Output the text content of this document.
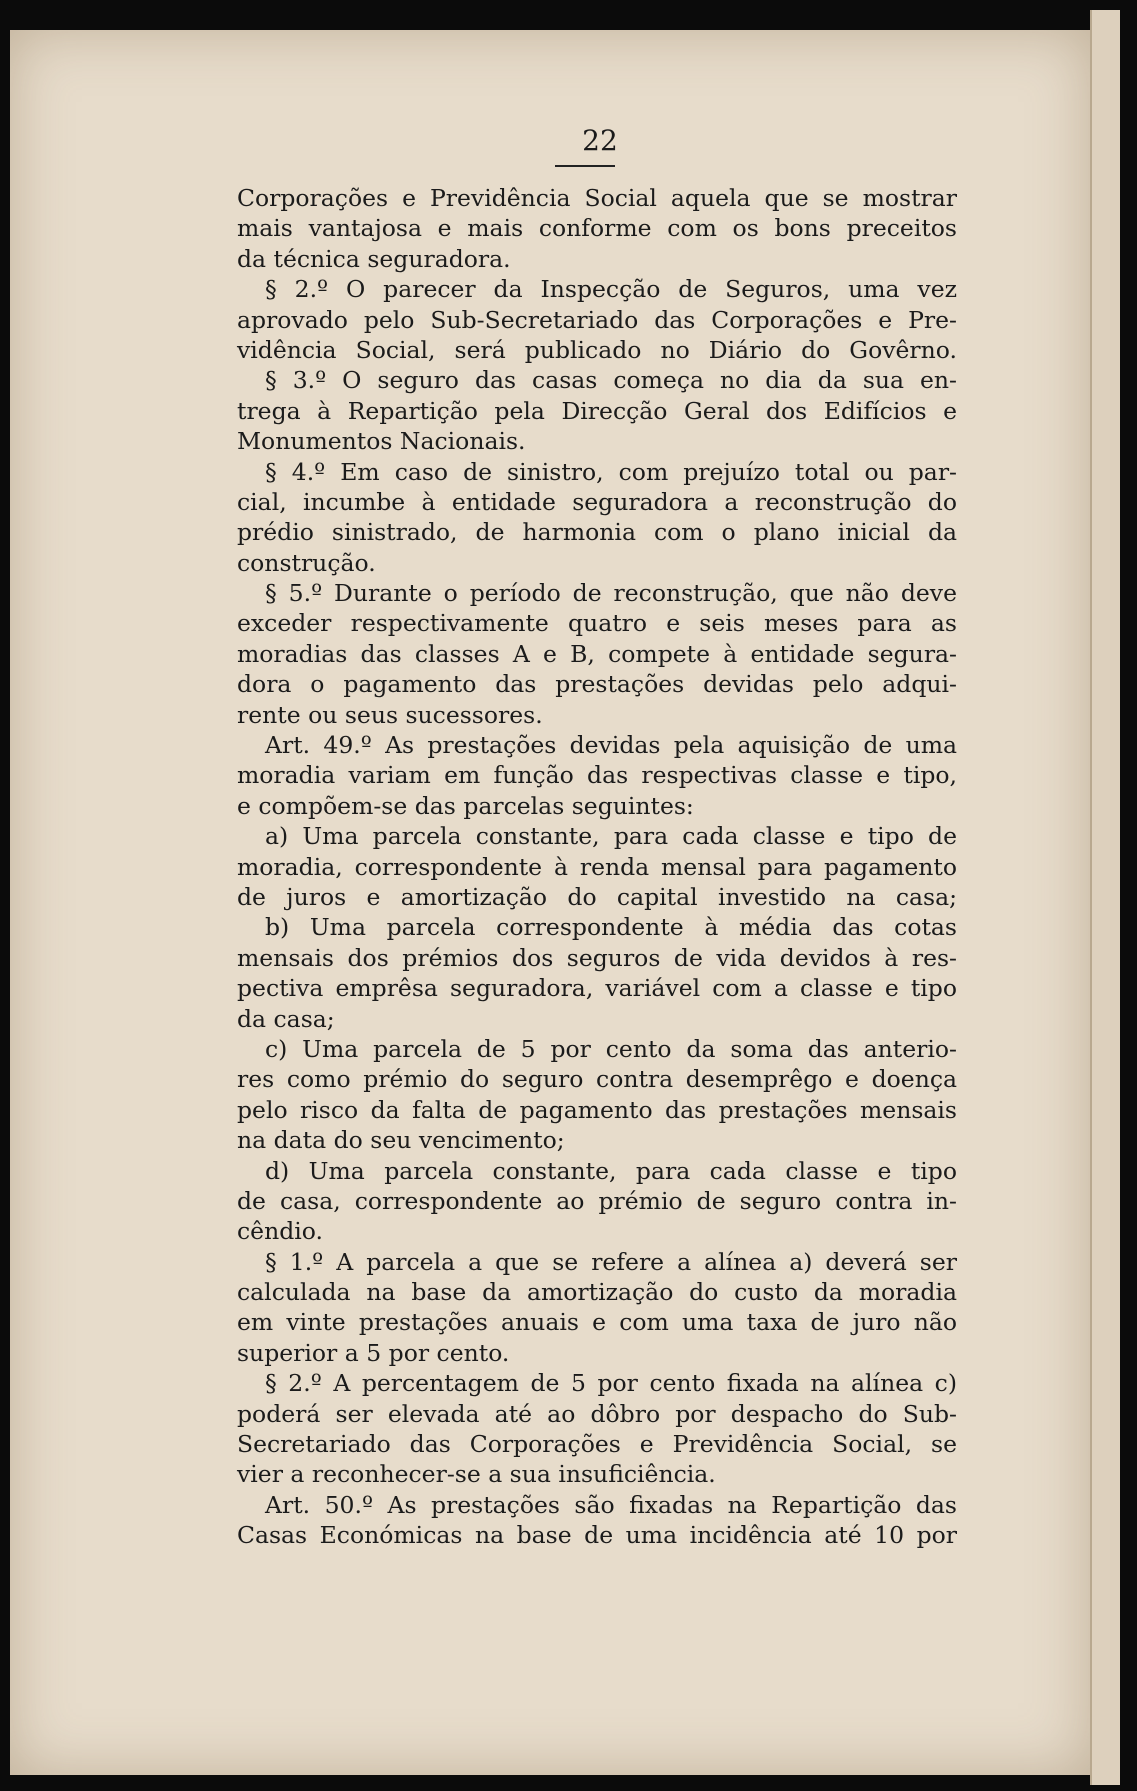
22
Corporações e Previdência Social aquela que se mostrar
mais vantajosa e mais conforme com os bons preceitos
da técnica seguradora.
§ 2.º O parecer da Inspecção de Seguros, uma vez
aprovado pelo Sub-Secretariado das Corporações e Pre-
vidência Social, será publicado no Diário do Govêrno.
§ 3.º O seguro das casas começa no dia da sua en-
trega à Repartição pela Direcção Geral dos Edifícios e
Monumentos Nacionais.
§ 4.º Em caso de sinistro, com prejuízo total ou par-
cial, incumbe à entidade seguradora a reconstrução do
prédio sinistrado, de harmonia com o plano inicial da
construção.
§ 5.º Durante o período de reconstrução, que não deve
exceder respectivamente quatro e seis meses para as
moradias das classes A e B, compete à entidade segura-
dora o pagamento das prestações devidas pelo adqui-
rente ou seus sucessores.
Art. 49.º As prestações devidas pela aquisição de uma
moradia variam em função das respectivas classe e tipo,
e compõem-se das parcelas seguintes:
a) Uma parcela constante, para cada classe e tipo de
moradia, correspondente à renda mensal para pagamento
de juros e amortização do capital investido na casa;
b) Uma parcela correspondente à média das cotas
mensais dos prémios dos seguros de vida devidos à res-
pectiva emprêsa seguradora, variável com a classe e tipo
da casa;
c) Uma parcela de 5 por cento da soma das anterio-
res como prémio do seguro contra desemprêgo e doença
pelo risco da falta de pagamento das prestações mensais
na data do seu vencimento;
d) Uma parcela constante, para cada classe e tipo
de casa, correspondente ao prémio de seguro contra in-
cêndio.
§ 1.º A parcela a que se refere a alínea a) deverá ser
calculada na base da amortização do custo da moradia
em vinte prestações anuais e com uma taxa de juro não
superior a 5 por cento.
§ 2.º A percentagem de 5 por cento fixada na alínea c)
poderá ser elevada até ao dôbro por despacho do Sub-
Secretariado das Corporações e Previdência Social, se
vier a reconhecer-se a sua insuficiência.
Art. 50.º As prestações são fixadas na Repartição das
Casas Económicas na base de uma incidência até 10 por
